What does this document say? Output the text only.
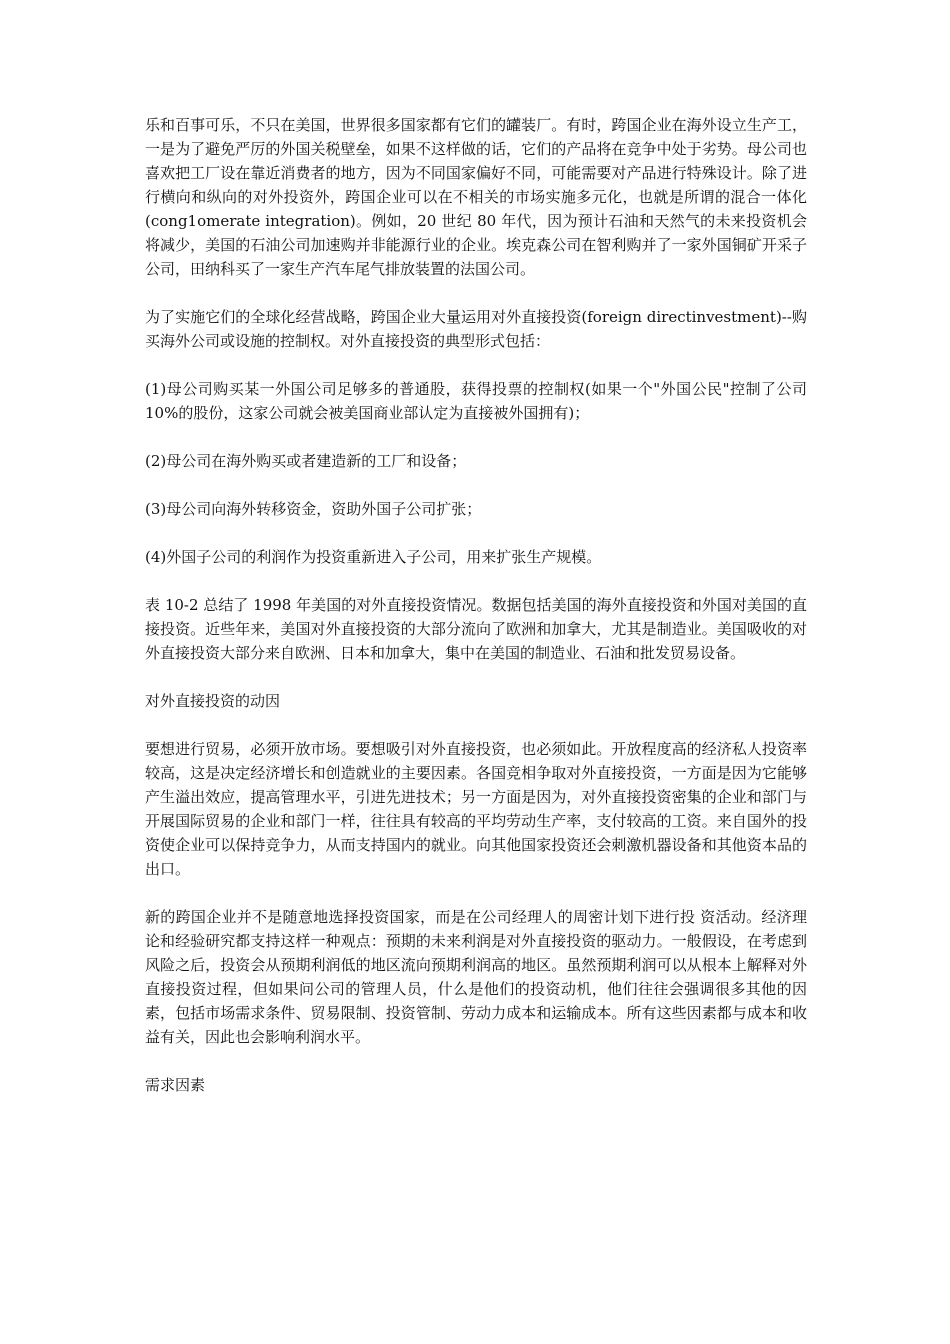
乐和百事可乐，不只在美国，世界很多国家都有它们的罐装厂。有时，跨国企业在海外设立生产工，一是为了避免严厉的外国关税壁垒，如果不这样做的话，它们的产品将在竞争中处于劣势。母公司也喜欢把工厂设在靠近消费者的地方，因为不同国家偏好不同，可能需要对产品进行特殊设计。除了进行横向和纵向的对外投资外，跨国企业可以在不相关的市场实施多元化，也就是所谓的混合一体化(cong1omerate integration)。例如，20 世纪 80 年代，因为预计石油和天然气的未来投资机会将减少，美国的石油公司加速购并非能源行业的企业。埃克森公司在智利购并了一家外国铜矿开采子公司，田纳科买了一家生产汽车尾气排放装置的法国公司。

为了实施它们的全球化经营战略，跨国企业大量运用对外直接投资(foreign directinvestment)--购买海外公司或设施的控制权。对外直接投资的典型形式包括：

(1)母公司购买某一外国公司足够多的普通股，获得投票的控制权(如果一个"外国公民"控制了公司 10%的股份，这家公司就会被美国商业部认定为直接被外国拥有)；

(2)母公司在海外购买或者建造新的工厂和设备；

(3)母公司向海外转移资金，资助外国子公司扩张；

(4)外国子公司的利润作为投资重新进入子公司，用来扩张生产规模。

表 10-2 总结了 1998 年美国的对外直接投资情况。数据包括美国的海外直接投资和外国对美国的直接投资。近些年来，美国对外直接投资的大部分流向了欧洲和加拿大，尤其是制造业。美国吸收的对外直接投资大部分来自欧洲、日本和加拿大，集中在美国的制造业、石油和批发贸易设备。

对外直接投资的动因

要想进行贸易，必须开放市场。要想吸引对外直接投资，也必须如此。开放程度高的经济私人投资率较高，这是决定经济增长和创造就业的主要因素。各国竞相争取对外直接投资，一方面是因为它能够产生溢出效应，提高管理水平，引进先进技术；另一方面是因为，对外直接投资密集的企业和部门与开展国际贸易的企业和部门一样，往往具有较高的平均劳动生产率，支付较高的工资。来自国外的投资使企业可以保持竞争力，从而支持国内的就业。向其他国家投资还会刺激机器设备和其他资本品的出口。

新的跨国企业并不是随意地选择投资国家，而是在公司经理人的周密计划下进行投 资活动。经济理论和经验研究都支持这样一种观点：预期的未来利润是对外直接投资的驱动力。一般假设，在考虑到风险之后，投资会从预期利润低的地区流向预期利润高的地区。虽然预期利润可以从根本上解释对外直接投资过程，但如果问公司的管理人员，什么是他们的投资动机，他们往往会强调很多其他的因素，包括市场需求条件、贸易限制、投资管制、劳动力成本和运输成本。所有这些因素都与成本和收益有关，因此也会影响利润水平。

需求因素
